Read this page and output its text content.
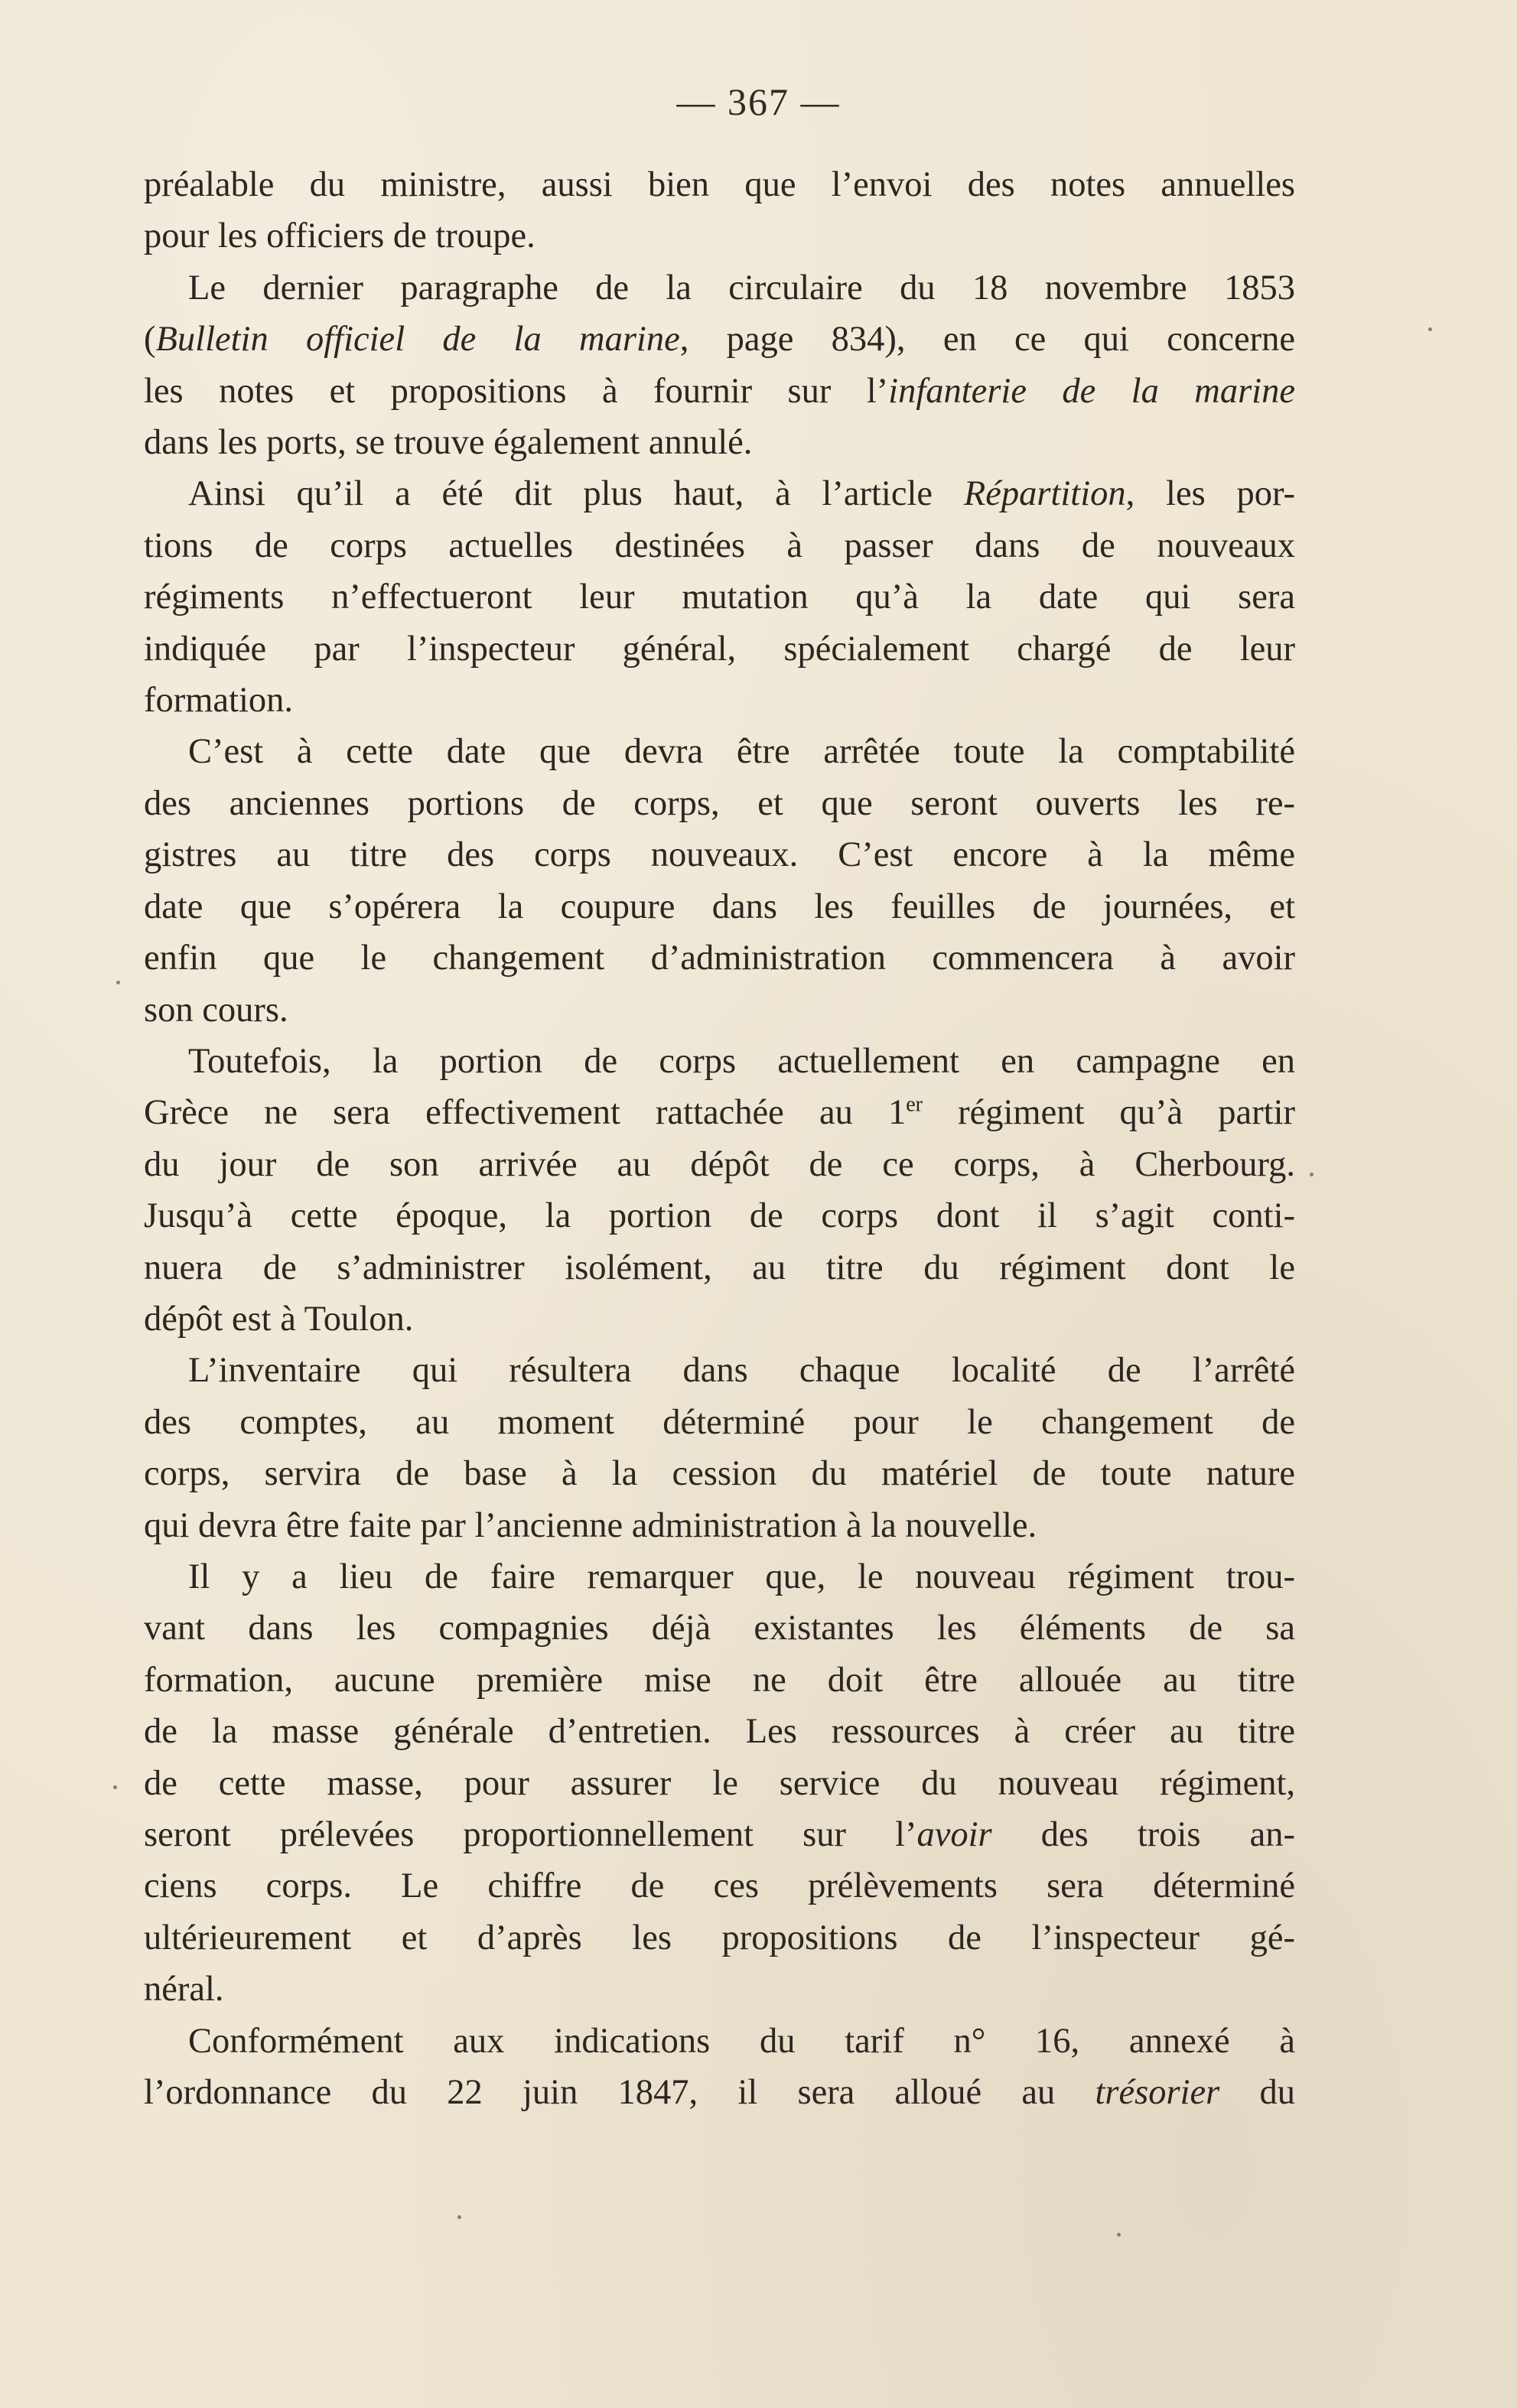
— 367 —
préalable du ministre, aussi bien que l’envoi des notes annuelles
pour les officiers de troupe.
Le dernier paragraphe de la circulaire du 18 novembre 1853
(Bulletin officiel de la marine, page 834), en ce qui concerne
les notes et propositions à fournir sur l’infanterie de la marine
dans les ports, se trouve également annulé.
Ainsi qu’il a été dit plus haut, à l’article Répartition, les por-
tions de corps actuelles destinées à passer dans de nouveaux
régiments n’effectueront leur mutation qu’à la date qui sera
indiquée par l’inspecteur général, spécialement chargé de leur
formation.
C’est à cette date que devra être arrêtée toute la comptabilité
des anciennes portions de corps, et que seront ouverts les re-
gistres au titre des corps nouveaux. C’est encore à la même
date que s’opérera la coupure dans les feuilles de journées, et
enfin que le changement d’administration commencera à avoir
son cours.
Toutefois, la portion de corps actuellement en campagne en
Grèce ne sera effectivement rattachée au 1er régiment qu’à partir
du jour de son arrivée au dépôt de ce corps, à Cherbourg.
Jusqu’à cette époque, la portion de corps dont il s’agit conti-
nuera de s’administrer isolément, au titre du régiment dont le
dépôt est à Toulon.
L’inventaire qui résultera dans chaque localité de l’arrêté
des comptes, au moment déterminé pour le changement de
corps, servira de base à la cession du matériel de toute nature
qui devra être faite par l’ancienne administration à la nouvelle.
Il y a lieu de faire remarquer que, le nouveau régiment trou-
vant dans les compagnies déjà existantes les éléments de sa
formation, aucune première mise ne doit être allouée au titre
de la masse générale d’entretien. Les ressources à créer au titre
de cette masse, pour assurer le service du nouveau régiment,
seront prélevées proportionnellement sur l’avoir des trois an-
ciens corps. Le chiffre de ces prélèvements sera déterminé
ultérieurement et d’après les propositions de l’inspecteur gé-
néral.
Conformément aux indications du tarif n° 16, annexé à
l’ordonnance du 22 juin 1847, il sera alloué au trésorier du
